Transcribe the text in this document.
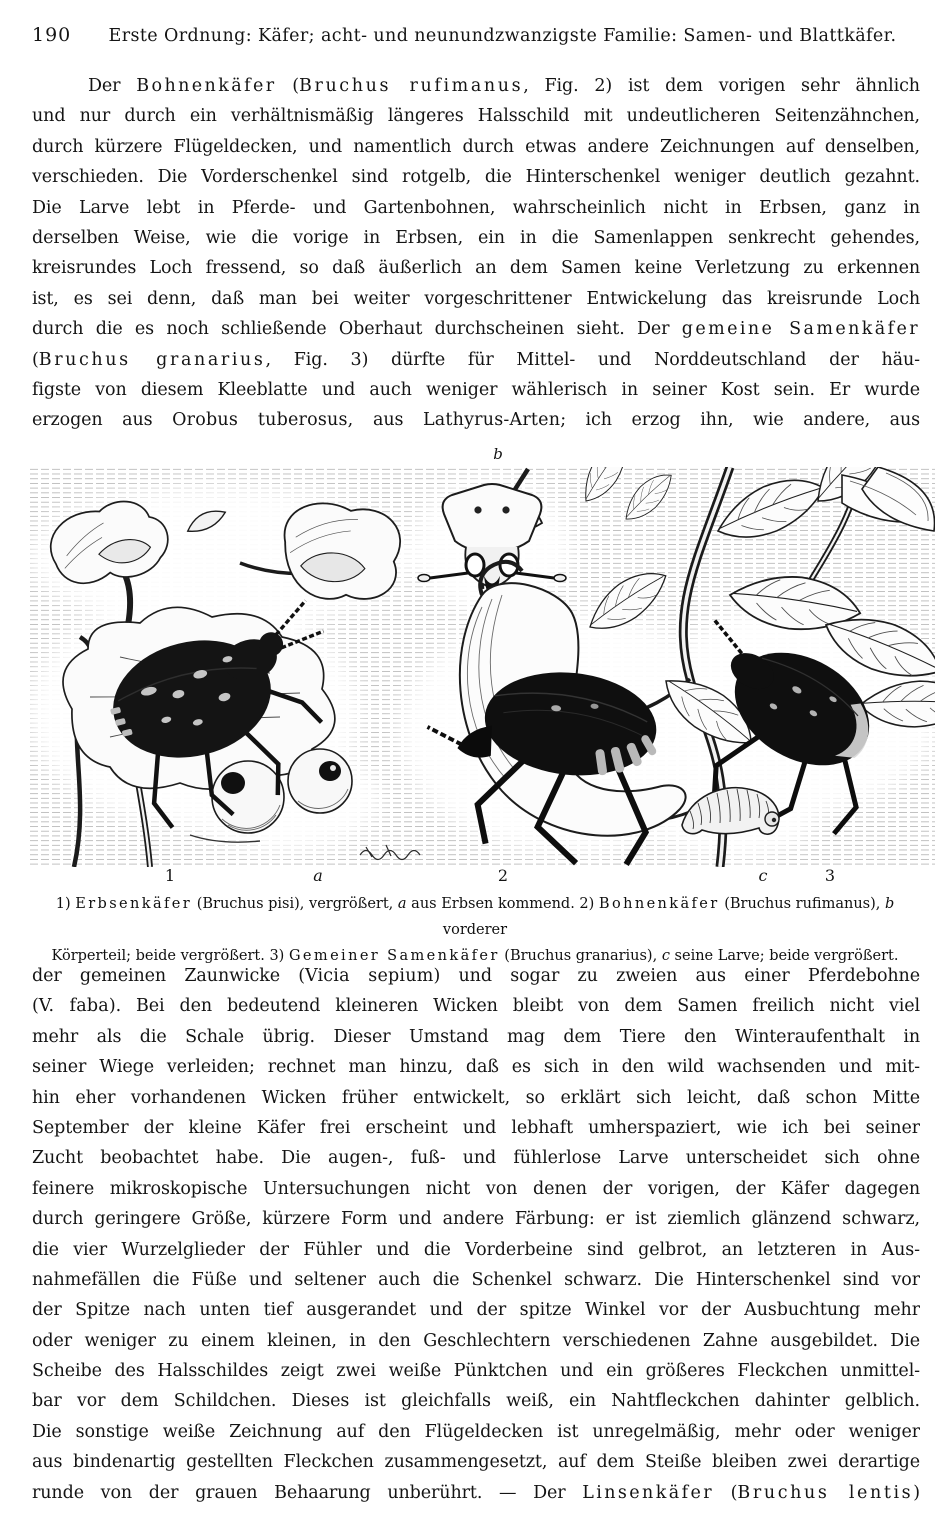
190	Erste Ordnung: Käfer; acht- und neunundzwanzigste Familie: Samen- und Blattkäfer.
Der Bohnenkäfer (Bruchus rufimanus, Fig. 2) ist dem vorigen sehr ähnlich
und nur durch ein verhältnismäßig längeres Halsschild mit undeutlicheren Seitenzähnchen,
durch kürzere Flügeldecken, und namentlich durch etwas andere Zeichnungen auf denselben,
verschieden. Die Vorderschenkel sind rotgelb, die Hinterschenkel weniger deutlich gezahnt.
Die Larve lebt in Pferde- und Gartenbohnen, wahrscheinlich nicht in Erbsen, ganz in
derselben Weise, wie die vorige in Erbsen, ein in die Samenlappen senkrecht gehendes,
kreisrundes Loch fressend, so daß äußerlich an dem Samen keine Verletzung zu erkennen
ist, es sei denn, daß man bei weiter vorgeschrittener Entwickelung das kreisrunde Loch
durch die es noch schließende Oberhaut durchscheinen sieht. Der gemeine Samenkäfer
(Bruchus granarius, Fig. 3) dürfte für Mittel- und Norddeutschland der häu-
figste von diesem Kleeblatte und auch weniger wählerisch in seiner Kost sein. Er wurde
erzogen aus Orobus tuberosus, aus Lathyrus-Arten; ich erzog ihn, wie andere, aus
b
1	a	2	c	3
1) Erbsenkäfer (Bruchus pisi), vergrößert, a aus Erbsen kommend. 2) Bohnenkäfer (Bruchus rufimanus), b vorderer
Körperteil; beide vergrößert. 3) Gemeiner Samenkäfer (Bruchus granarius), c seine Larve; beide vergrößert.
der gemeinen Zaunwicke (Vicia sepium) und sogar zu zweien aus einer Pferdebohne
(V. faba). Bei den bedeutend kleineren Wicken bleibt von dem Samen freilich nicht viel
mehr als die Schale übrig. Dieser Umstand mag dem Tiere den Winteraufenthalt in
seiner Wiege verleiden; rechnet man hinzu, daß es sich in den wild wachsenden und mit-
hin eher vorhandenen Wicken früher entwickelt, so erklärt sich leicht, daß schon Mitte
September der kleine Käfer frei erscheint und lebhaft umherspaziert, wie ich bei seiner
Zucht beobachtet habe. Die augen-, fuß- und fühlerlose Larve unterscheidet sich ohne
feinere mikroskopische Untersuchungen nicht von denen der vorigen, der Käfer dagegen
durch geringere Größe, kürzere Form und andere Färbung: er ist ziemlich glänzend schwarz,
die vier Wurzelglieder der Fühler und die Vorderbeine sind gelbrot, an letzteren in Aus-
nahmefällen die Füße und seltener auch die Schenkel schwarz. Die Hinterschenkel sind vor
der Spitze nach unten tief ausgerandet und der spitze Winkel vor der Ausbuchtung mehr
oder weniger zu einem kleinen, in den Geschlechtern verschiedenen Zahne ausgebildet. Die
Scheibe des Halsschildes zeigt zwei weiße Pünktchen und ein größeres Fleckchen unmittel-
bar vor dem Schildchen. Dieses ist gleichfalls weiß, ein Nahtfleckchen dahinter gelblich.
Die sonstige weiße Zeichnung auf den Flügeldecken ist unregelmäßig, mehr oder weniger
aus bindenartig gestellten Fleckchen zusammengesetzt, auf dem Steiße bleiben zwei derartige
runde von der grauen Behaarung unberührt. — Der Linsenkäfer (Bruchus lentis)
